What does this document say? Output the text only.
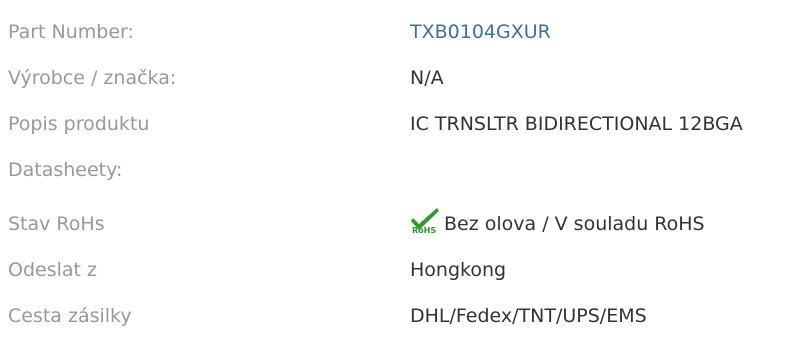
Part Number:	TXB0104GXUR
Výrobce / značka:	N/A
Popis produktu	IC TRNSLTR BIDIRECTIONAL 12BGA
Datasheety:
Stav RoHs	RoHS Bez olova / V souladu RoHS
Odeslat z	Hongkong
Cesta zásilky	DHL/Fedex/TNT/UPS/EMS
